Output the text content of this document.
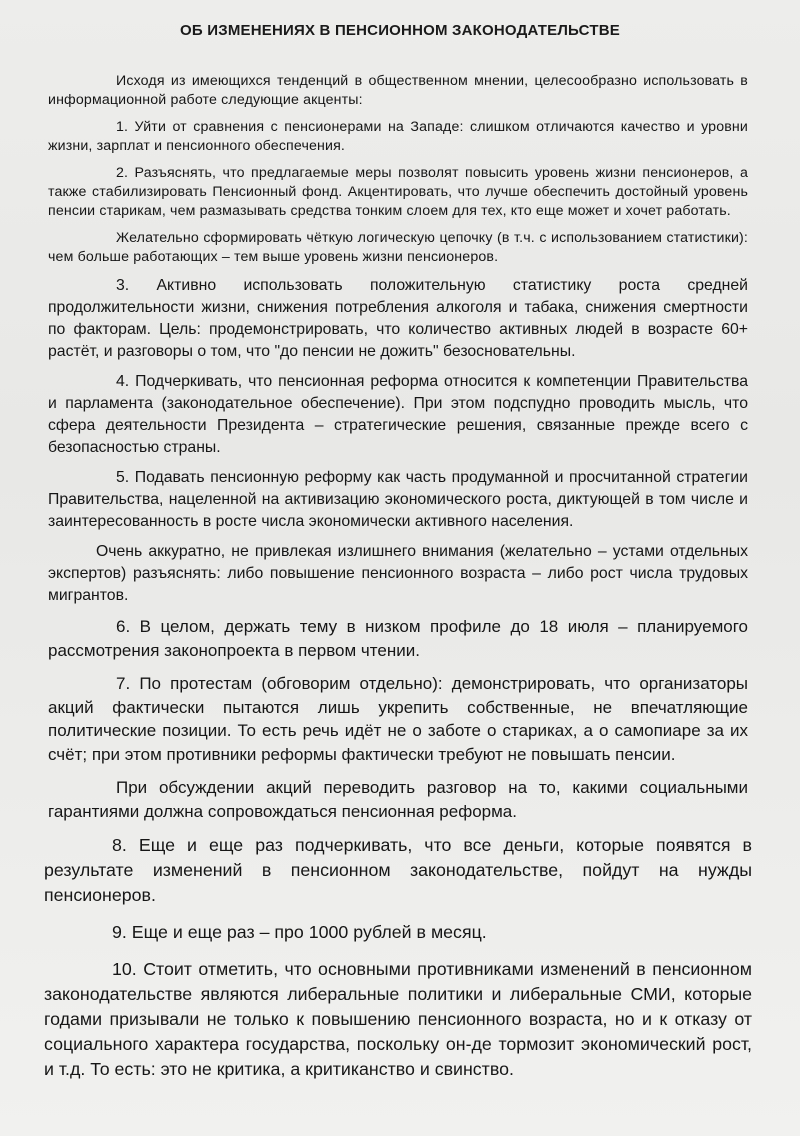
ОБ ИЗМЕНЕНИЯХ В ПЕНСИОННОМ ЗАКОНОДАТЕЛЬСТВЕ

Исходя из имеющихся тенденций в общественном мнении, целесообразно использовать в информационной работе следующие акценты:

1. Уйти от сравнения с пенсионерами на Западе: слишком отличаются качество и уровни жизни, зарплат и пенсионного обеспечения.

2. Разъяснять, что предлагаемые меры позволят повысить уровень жизни пенсионеров, а также стабилизировать Пенсионный фонд. Акцентировать, что лучше обеспечить достойный уровень пенсии старикам, чем размазывать средства тонким слоем для тех, кто еще может и хочет работать.

Желательно сформировать чёткую логическую цепочку (в т.ч. с использованием статистики): чем больше работающих – тем выше уровень жизни пенсионеров.

3. Активно использовать положительную статистику роста средней продолжительности жизни, снижения потребления алкоголя и табака, снижения смертности по факторам. Цель: продемонстрировать, что количество активных людей в возрасте 60+ растёт, и разговоры о том, что "до пенсии не дожить" безосновательны.

4. Подчеркивать, что пенсионная реформа относится к компетенции Правительства и парламента (законодательное обеспечение). При этом подспудно проводить мысль, что сфера деятельности Президента – стратегические решения, связанные прежде всего с безопасностью страны.

5. Подавать пенсионную реформу как часть продуманной и просчитанной стратегии Правительства, нацеленной на активизацию экономического роста, диктующей в том числе и заинтересованность в росте числа экономически активного населения.

Очень аккуратно, не привлекая излишнего внимания (желательно – устами отдельных экспертов) разъяснять: либо повышение пенсионного возраста – либо рост числа трудовых мигрантов.

6. В целом, держать тему в низком профиле до 18 июля – планируемого рассмотрения законопроекта в первом чтении.

7. По протестам (обговорим отдельно): демонстрировать, что организаторы акций фактически пытаются лишь укрепить собственные, не впечатляющие политические позиции. То есть речь идёт не о заботе о стариках, а о самопиаре за их счёт; при этом противники реформы фактически требуют не повышать пенсии.

При обсуждении акций переводить разговор на то, какими социальными гарантиями должна сопровождаться пенсионная реформа.

8. Еще и еще раз подчеркивать, что все деньги, которые появятся в результате изменений в пенсионном законодательстве, пойдут на нужды пенсионеров.

9. Еще и еще раз – про 1000 рублей в месяц.

10. Стоит отметить, что основными противниками изменений в пенсионном законодательстве являются либеральные политики и либеральные СМИ, которые годами призывали не только к повышению пенсионного возраста, но и к отказу от социального характера государства, поскольку он-де тормозит экономический рост, и т.д. То есть: это не критика, а критиканство и свинство.
